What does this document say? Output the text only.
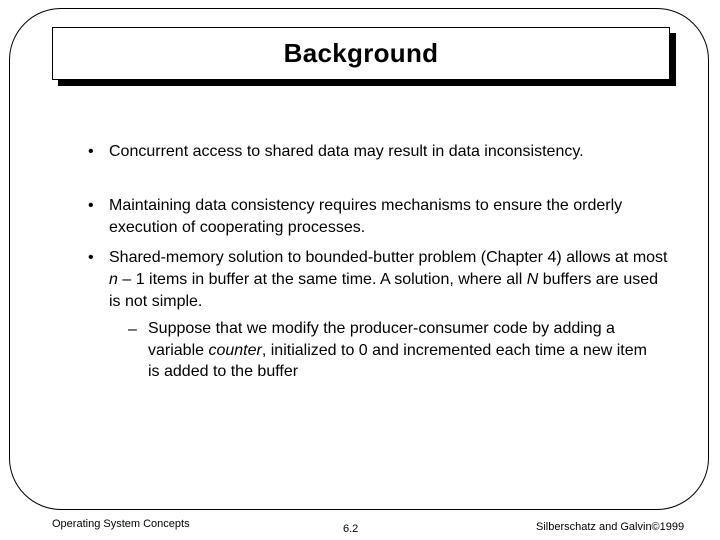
Background
• Concurrent access to shared data may result in data inconsistency.
• Maintaining data consistency requires mechanisms to ensure the orderly execution of cooperating processes.
• Shared-memory solution to bounded-butter problem (Chapter 4) allows at most n – 1 items in buffer at the same time. A solution, where all N buffers are used is not simple.
– Suppose that we modify the producer-consumer code by adding a variable counter, initialized to 0 and incremented each time a new item is added to the buffer
Operating System Concepts	6.2	Silberschatz and Galvin©1999
